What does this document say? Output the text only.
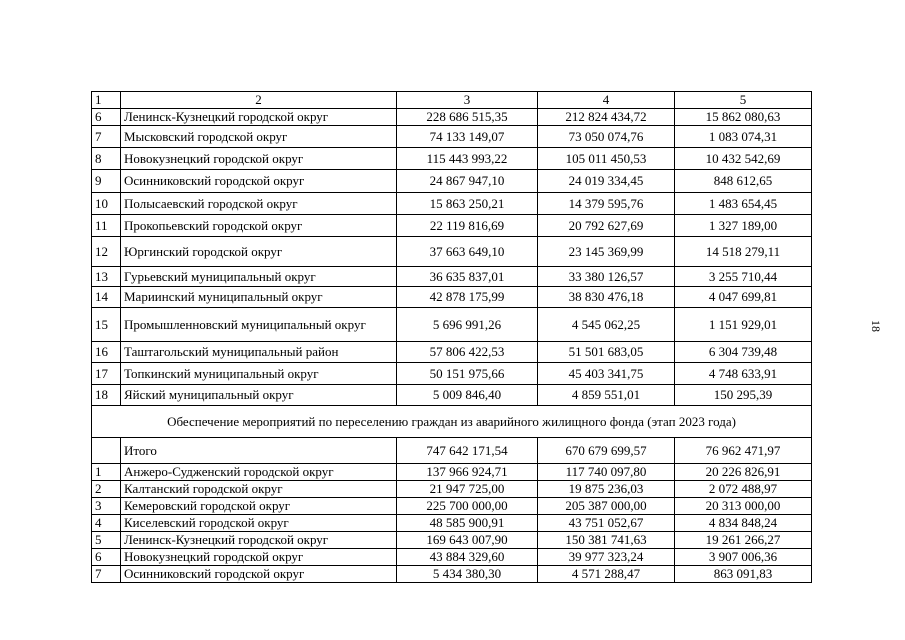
1	2	3	4	5
6	Ленинск-Кузнецкий городской округ	228 686 515,35	212 824 434,72	15 862 080,63
7	Мысковский городской округ	74 133 149,07	73 050 074,76	1 083 074,31
8	Новокузнецкий городской округ	115 443 993,22	105 011 450,53	10 432 542,69
9	Осинниковский городской округ	24 867 947,10	24 019 334,45	848 612,65
10	Полысаевский городской округ	15 863 250,21	14 379 595,76	1 483 654,45
11	Прокопьевский городской округ	22 119 816,69	20 792 627,69	1 327 189,00
12	Юргинский городской округ	37 663 649,10	23 145 369,99	14 518 279,11
13	Гурьевский муниципальный округ	36 635 837,01	33 380 126,57	3 255 710,44
14	Мариинский муниципальный округ	42 878 175,99	38 830 476,18	4 047 699,81
15	Промышленновский муниципальный округ	5 696 991,26	4 545 062,25	1 151 929,01
16	Таштагольский муниципальный район	57 806 422,53	51 501 683,05	6 304 739,48
17	Топкинский муниципальный округ	50 151 975,66	45 403 341,75	4 748 633,91
18	Яйский муниципальный округ	5 009 846,40	4 859 551,01	150 295,39
Обеспечение мероприятий по переселению граждан из аварийного жилищного фонда (этап 2023 года)				
	Итого	747 642 171,54	670 679 699,57	76 962 471,97
1	Анжеро-Судженский городской округ	137 966 924,71	117 740 097,80	20 226 826,91
2	Калтанский городской округ	21 947 725,00	19 875 236,03	2 072 488,97
3	Кемеровский городской округ	225 700 000,00	205 387 000,00	20 313 000,00
4	Киселевский городской округ	48 585 900,91	43 751 052,67	4 834 848,24
5	Ленинск-Кузнецкий городской округ	169 643 007,90	150 381 741,63	19 261 266,27
6	Новокузнецкий городской округ	43 884 329,60	39 977 323,24	3 907 006,36
7	Осинниковский городской округ	5 434 380,30	4 571 288,47	863 091,83
18
